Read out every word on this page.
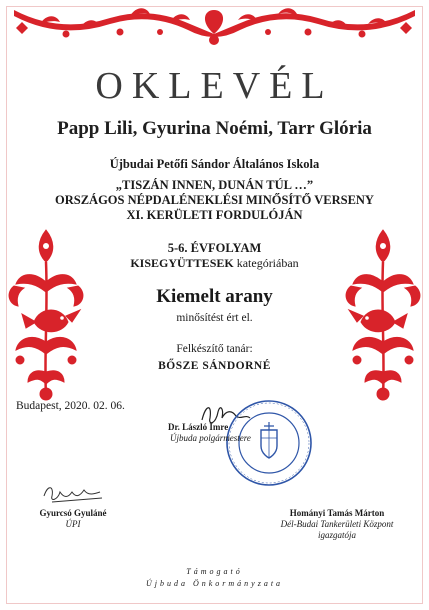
OKLEVÉL
Papp Lili, Gyurina Noémi, Tarr Glória
Újbudai Petőfi Sándor Általános Iskola
„TISZÁN INNEN, DUNÁN TÚL …”
ORSZÁGOS NÉPDALÉNEKLÉSI MINŐSÍTŐ VERSENY
XI. KERÜLETI FORDULÓJÁN
5-6. ÉVFOLYAM
KISEGYÜTTESEK kategóriában
Kiemelt arany
minősítést ért el.
Felkészítő tanár:
BŐSZE SÁNDORNÉ
Budapest, 2020. 02. 06.
Dr. László Imre
Újbuda polgármestere
Gyurcsó Gyuláné
ÚPI
Hományi Tamás Márton
Dél-Budai Tankerületi Központ
igazgatója
Támogató
Újbuda Önkormányzata
